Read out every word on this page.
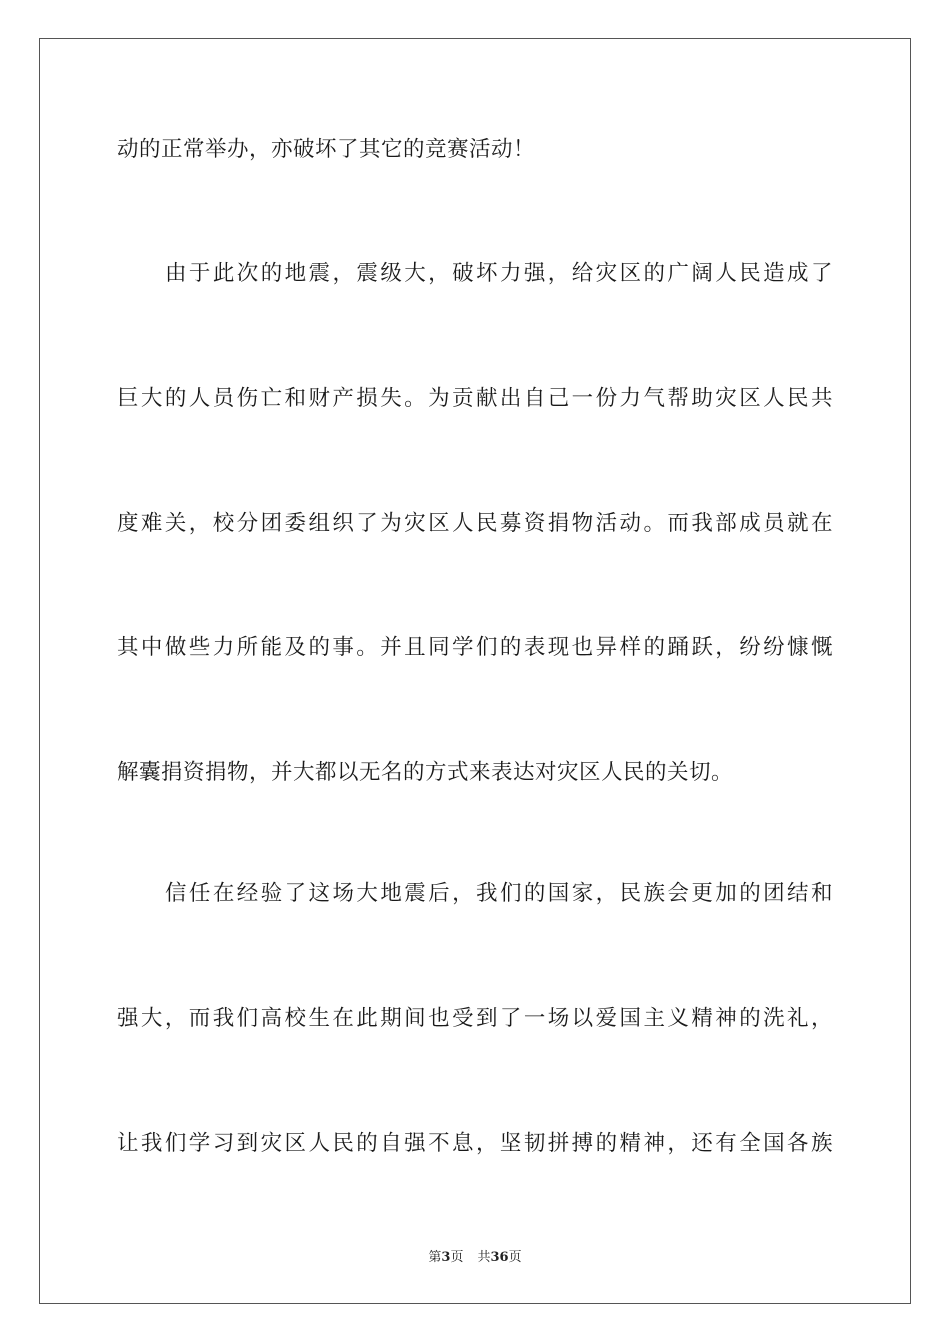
动的正常举办，亦破坏了其它的竞赛活动！
由于此次的地震，震级大，破坏力强，给灾区的广阔人民造成了
巨大的人员伤亡和财产损失。为贡献出自己一份力气帮助灾区人民共
度难关，校分团委组织了为灾区人民募资捐物活动。而我部成员就在
其中做些力所能及的事。并且同学们的表现也异样的踊跃，纷纷慷慨
解囊捐资捐物，并大都以无名的方式来表达对灾区人民的关切。
信任在经验了这场大地震后，我们的国家，民族会更加的团结和
强大，而我们高校生在此期间也受到了一场以爱国主义精神的洗礼，
让我们学习到灾区人民的自强不息，坚韧拼搏的精神，还有全国各族
第3页 共36页
